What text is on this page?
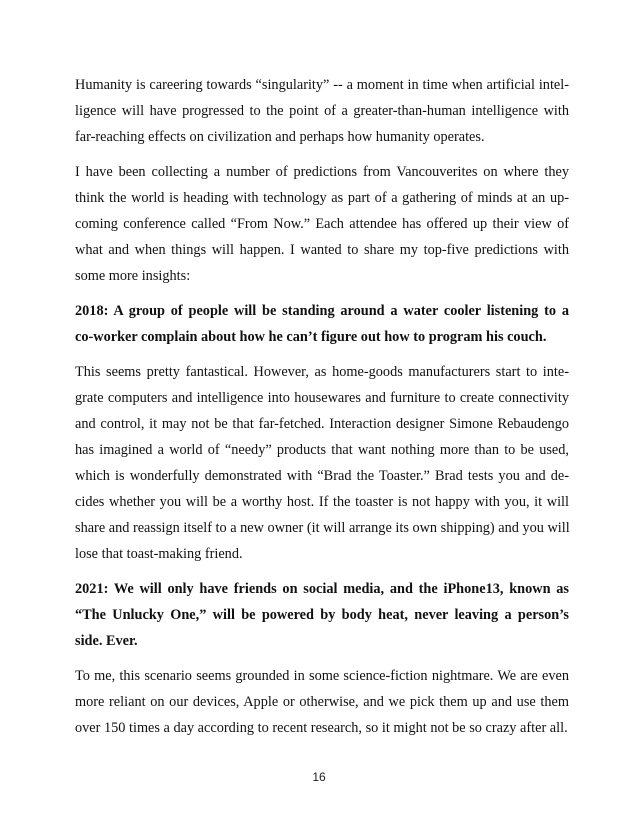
Humanity is careering towards “singularity” -- a moment in time when artificial intel-
ligence will have progressed to the point of a greater-than-human intelligence with
far-reaching effects on civilization and perhaps how humanity operates.
I have been collecting a number of predictions from Vancouverites on where they
think the world is heading with technology as part of a gathering of minds at an up-
coming conference called “From Now.” Each attendee has offered up their view of
what and when things will happen. I wanted to share my top-five predictions with
some more insights:
2018: A group of people will be standing around a water cooler listening to a
co-worker complain about how he can’t figure out how to program his couch.
This seems pretty fantastical. However, as home-goods manufacturers start to inte-
grate computers and intelligence into housewares and furniture to create connectivity
and control, it may not be that far-fetched. Interaction designer Simone Rebaudengo
has imagined a world of “needy” products that want nothing more than to be used,
which is wonderfully demonstrated with “Brad the Toaster.” Brad tests you and de-
cides whether you will be a worthy host. If the toaster is not happy with you, it will
share and reassign itself to a new owner (it will arrange its own shipping) and you will
lose that toast-making friend.
2021: We will only have friends on social media, and the iPhone13, known as
“The Unlucky One,” will be powered by body heat, never leaving a person’s
side. Ever.
To me, this scenario seems grounded in some science-fiction nightmare. We are even
more reliant on our devices, Apple or otherwise, and we pick them up and use them
over 150 times a day according to recent research, so it might not be so crazy after all.
16
